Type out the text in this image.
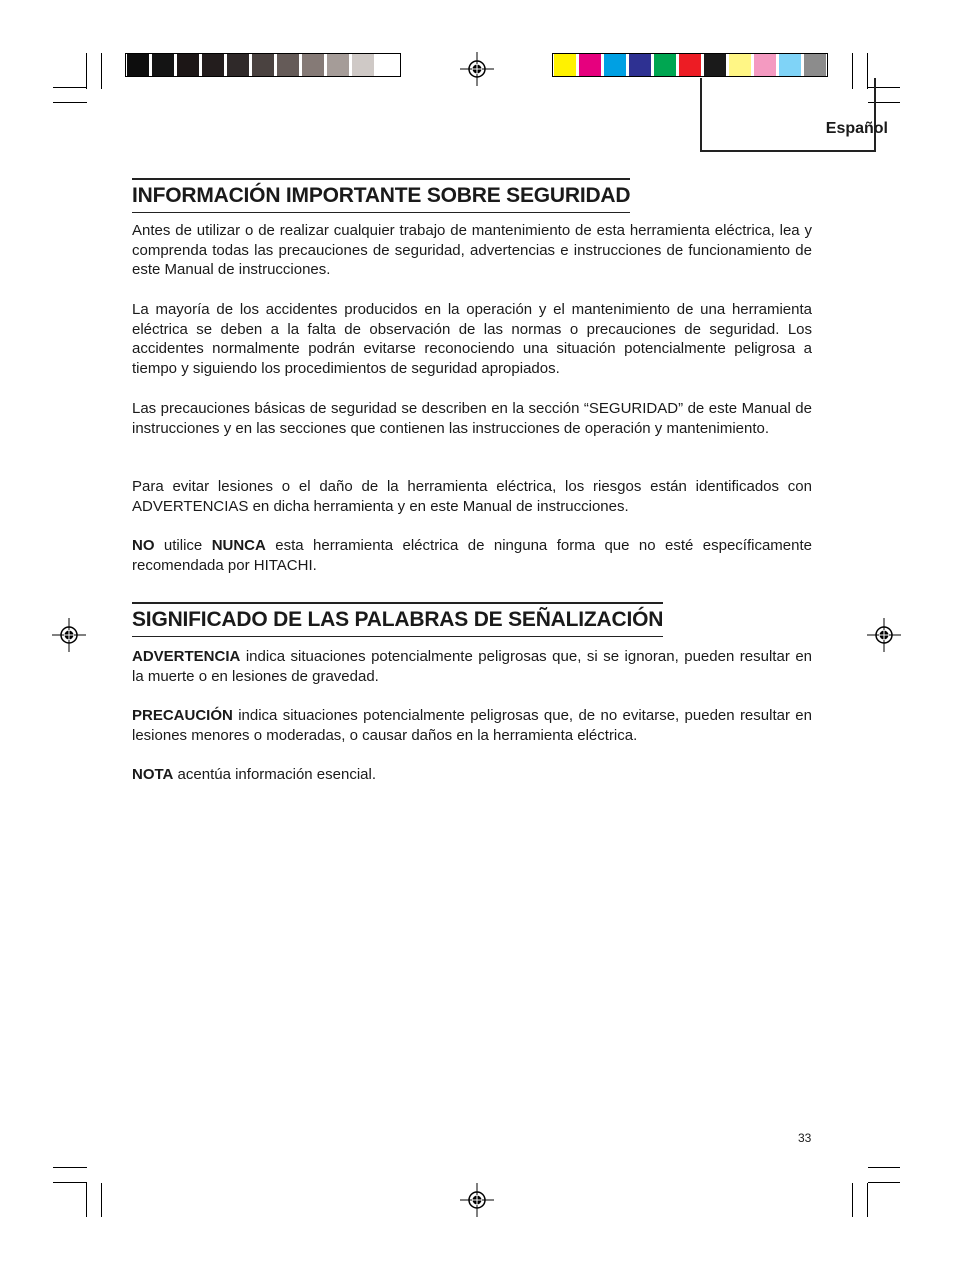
Español
INFORMACIÓN IMPORTANTE SOBRE SEGURIDAD

Antes de utilizar o de realizar cualquier trabajo de mantenimiento de esta herramienta eléctrica, lea y comprenda todas las precauciones de seguridad, advertencias e instrucciones de funcionamiento de este Manual de instrucciones.

La mayoría de los accidentes producidos en la operación y el mantenimiento de una herramienta eléctrica se deben a la falta de observación de las normas o precauciones de seguridad. Los accidentes normalmente podrán evitarse reconociendo una situación potencialmente peligrosa a tiempo y siguiendo los procedimientos de seguridad apropiados.

Las precauciones básicas de seguridad se describen en la sección “SEGURIDAD” de este Manual de instrucciones y en las secciones que contienen las instrucciones de operación y mantenimiento.

Para evitar lesiones o el daño de la herramienta eléctrica, los riesgos están identificados con ADVERTENCIAS en dicha herramienta y en este Manual de instrucciones.

NO utilice NUNCA esta herramienta eléctrica de ninguna forma que no esté específicamente recomendada por HITACHI.

SIGNIFICADO DE LAS PALABRAS DE SEÑALIZACIÓN

ADVERTENCIA indica situaciones potencialmente peligrosas que, si se ignoran, pueden resultar en la muerte o en lesiones de gravedad.

PRECAUCIÓN indica situaciones potencialmente peligrosas que, de no evitarse, pueden resultar en lesiones menores o moderadas, o causar daños en la herramienta eléctrica.

NOTA acentúa información esencial.

33
